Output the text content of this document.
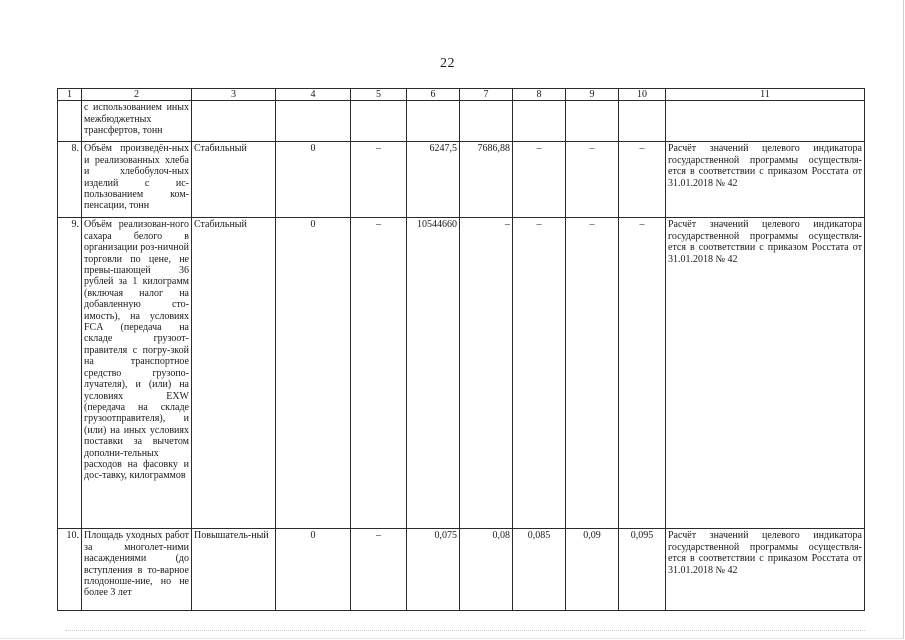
22
1	2	3	4	5	6	7	8	9	10	11
	с использованием иных межбюджетных трансфертов, тонн									
8.	Объём произведён-ных и реализованных хлеба и хлебобулоч-ных изделий с ис-пользованием ком-пенсации, тонн	Стабильный	0	–	6247,5	7686,88	–	–	–	Расчёт значений целевого индикатора государственной программы осуществля-ется в соответствии с приказом Росстата от 31.01.2018 № 42
9.	Объём реализован-ного сахара белого в организации роз-ничной торговли по цене, не превы-шающей 36 рублей за 1 килограмм (включая налог на добавленную сто-имость), на условиях FCA (передача на складе грузоот-правителя с погру-зкой на транспортное средство грузопо-лучателя), и (или) на условиях EXW (передача на складе грузоотправителя), и (или) на иных условиях поставки за вычетом дополни-тельных расходов на фасовку и дос-тавку, килограммов	Стабильный	0	–	10544660	–	–	–	–	Расчёт значений целевого индикатора государственной программы осуществля-ется в соответствии с приказом Росстата от 31.01.2018 № 42
10.	Площадь уходных работ за многолет-ними насаждениями (до вступления в то-варное плодоноше-ние, но не более 3 лет	Повышатель-ный	0	–	0,075	0,08	0,085	0,09	0,095	Расчёт значений целевого индикатора государственной программы осуществля-ется в соответствии с приказом Росстата от 31.01.2018 № 42
